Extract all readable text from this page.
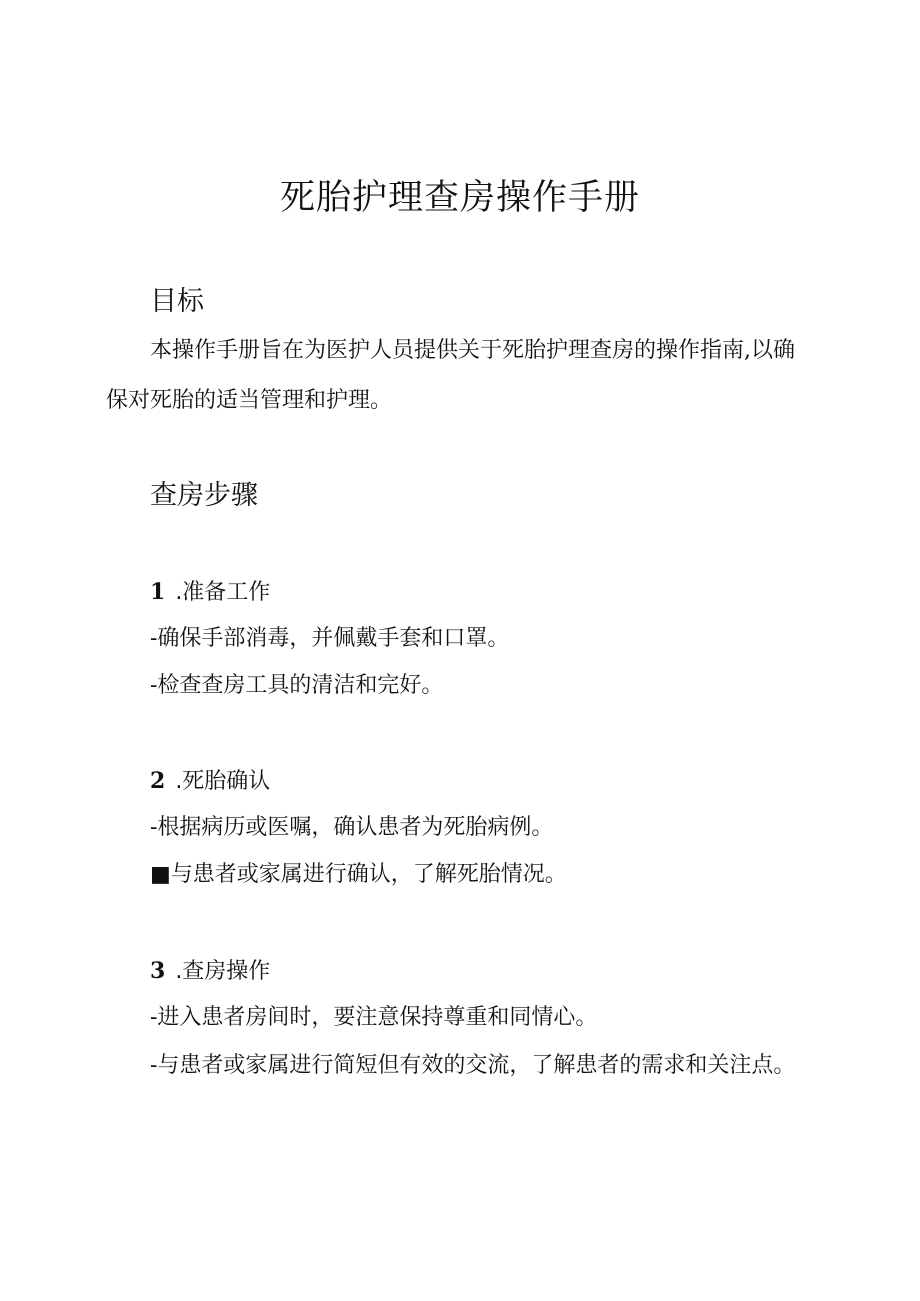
死胎护理查房操作手册
目标

本操作手册旨在为医护人员提供关于死胎护理查房的操作指南,以确保对死胎的适当管理和护理。

查房步骤
1 .准备工作

-确保手部消毒，并佩戴手套和口罩。

-检查查房工具的清洁和完好。

2 .死胎确认

-根据病历或医嘱，确认患者为死胎病例。

■与患者或家属进行确认，了解死胎情况。

3 .查房操作

-进入患者房间时，要注意保持尊重和同情心。

-与患者或家属进行简短但有效的交流，了解患者的需求和关注点。
